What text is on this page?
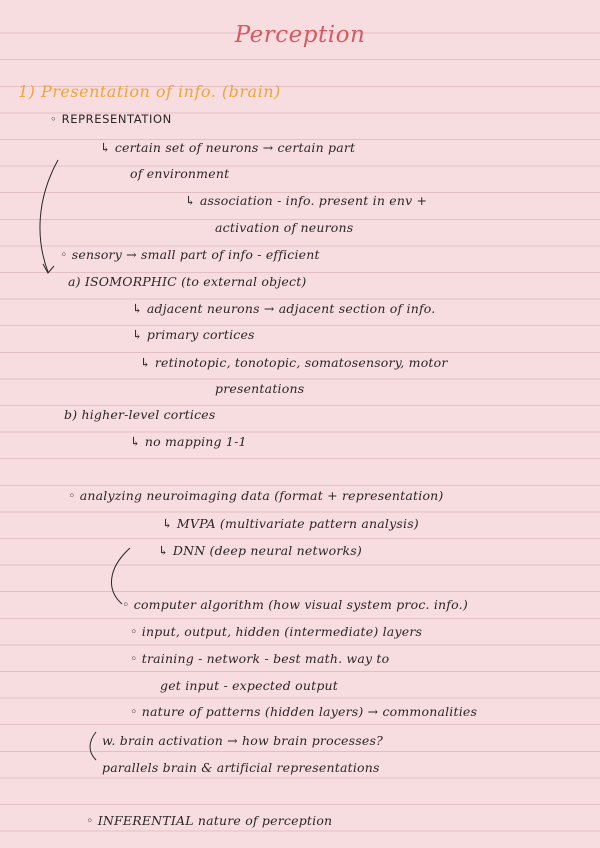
Perception
1) Presentation of info. (brain)
◦ REPRESENTATION
↳ certain set of neurons → certain part
of environment
↳ association - info. present in env +
activation of neurons
◦ sensory → small part of info - efficient
a) ISOMORPHIC (to external object)
↳ adjacent neurons → adjacent section of info.
↳ primary cortices
↳ retinotopic, tonotopic, somatosensory, motor
presentations
b) higher-level cortices
↳ no mapping 1-1
◦ analyzing neuroimaging data (format + representation)
↳ MVPA (multivariate pattern analysis)
↳ DNN (deep neural networks)
◦ computer algorithm (how visual system proc. info.)
◦ input, output, hidden (intermediate) layers
◦ training - network - best math. way to
get input - expected output
◦ nature of patterns (hidden layers) → commonalities
w. brain activation → how brain processes?
parallels brain & artificial representations
◦ INFERENTIAL nature of perception
